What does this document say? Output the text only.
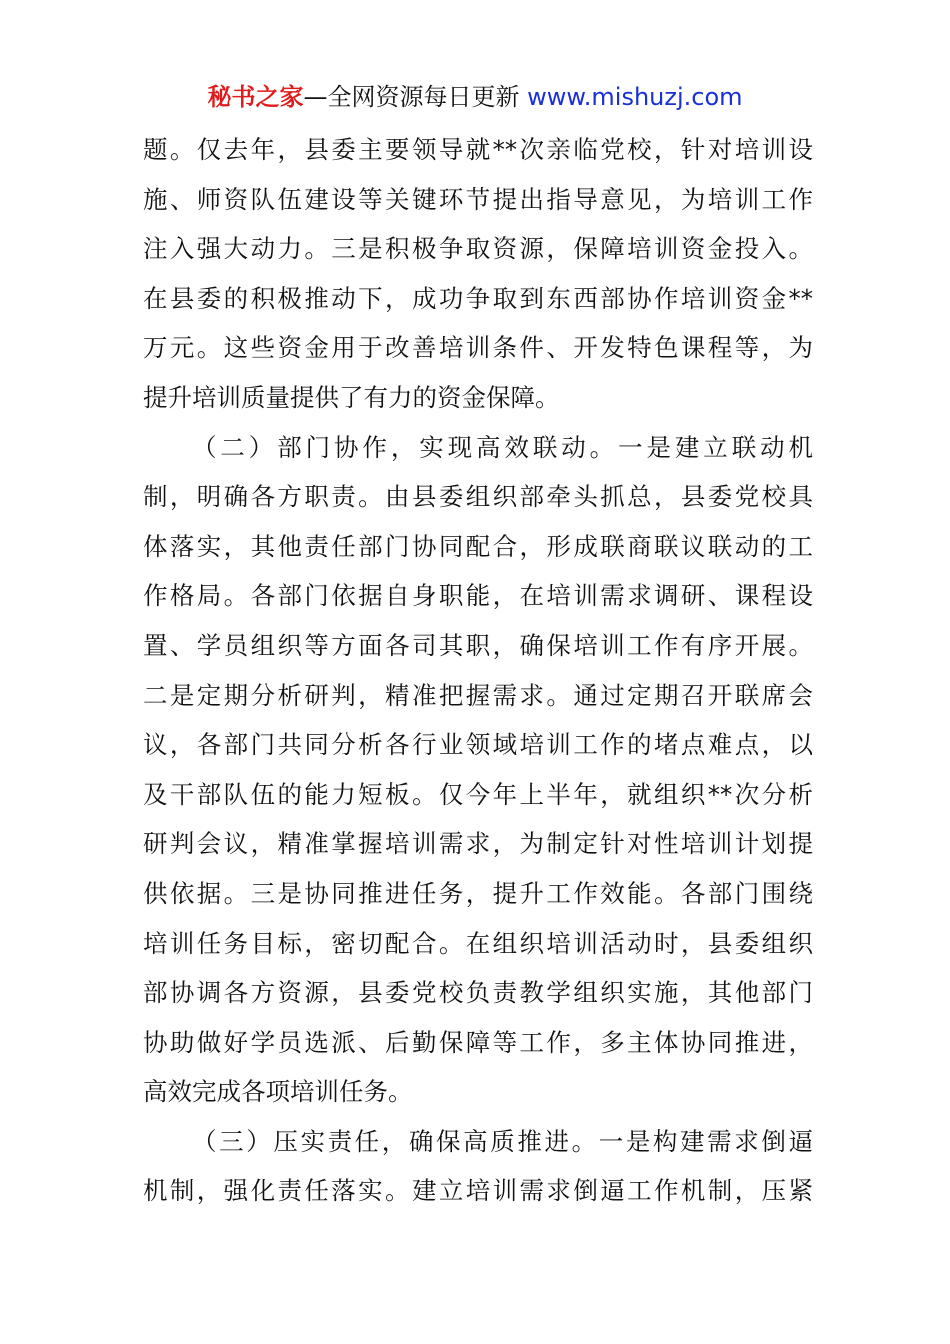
秘书之家—全网资源每日更新 www.mishuzj.com
题。仅去年，县委主要领导就**次亲临党校，针对培训设
施、师资队伍建设等关键环节提出指导意见，为培训工作
注入强大动力。三是积极争取资源，保障培训资金投入。
在县委的积极推动下，成功争取到东西部协作培训资金**
万元。这些资金用于改善培训条件、开发特色课程等，为
提升培训质量提供了有力的资金保障。
（二）部门协作，实现高效联动。一是建立联动机
制，明确各方职责。由县委组织部牵头抓总，县委党校具
体落实，其他责任部门协同配合，形成联商联议联动的工
作格局。各部门依据自身职能，在培训需求调研、课程设
置、学员组织等方面各司其职，确保培训工作有序开展。
二是定期分析研判，精准把握需求。通过定期召开联席会
议，各部门共同分析各行业领域培训工作的堵点难点，以
及干部队伍的能力短板。仅今年上半年，就组织**次分析
研判会议，精准掌握培训需求，为制定针对性培训计划提
供依据。三是协同推进任务，提升工作效能。各部门围绕
培训任务目标，密切配合。在组织培训活动时，县委组织
部协调各方资源，县委党校负责教学组织实施，其他部门
协助做好学员选派、后勤保障等工作，多主体协同推进，
高效完成各项培训任务。
（三）压实责任，确保高质推进。一是构建需求倒逼
机制，强化责任落实。建立培训需求倒逼工作机制，压紧
